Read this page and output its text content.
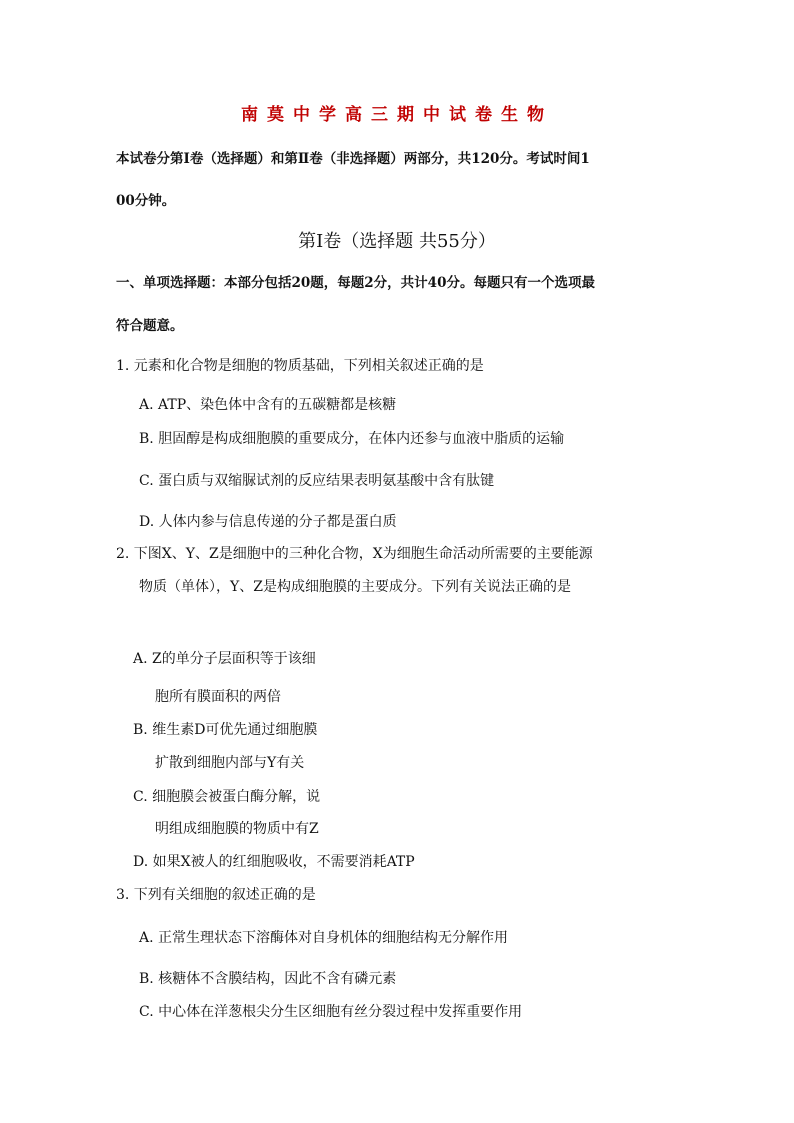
南莫中学高三期中试卷生物
本试卷分第Ⅰ卷（选择题）和第Ⅱ卷（非选择题）两部分，共120分。考试时间1
00分钟。
第Ⅰ卷（选择题 共55分）
一、单项选择题：本部分包括20题，每题2分，共计40分。每题只有一个选项最
符合题意。
1. 元素和化合物是细胞的物质基础，下列相关叙述正确的是
A. ATP、染色体中含有的五碳糖都是核糖
B. 胆固醇是构成细胞膜的重要成分，在体内还参与血液中脂质的运输
C. 蛋白质与双缩脲试剂的反应结果表明氨基酸中含有肽键
D. 人体内参与信息传递的分子都是蛋白质
2. 下图X、Y、Z是细胞中的三种化合物，X为细胞生命活动所需要的主要能源
物质（单体），Y、Z是构成细胞膜的主要成分。下列有关说法正确的是
A. Z的单分子层面积等于该细
胞所有膜面积的两倍
B. 维生素D可优先通过细胞膜
扩散到细胞内部与Y有关
C. 细胞膜会被蛋白酶分解，说
明组成细胞膜的物质中有Z
D. 如果X被人的红细胞吸收，不需要消耗ATP
3. 下列有关细胞的叙述正确的是
A. 正常生理状态下溶酶体对自身机体的细胞结构无分解作用
B. 核糖体不含膜结构，因此不含有磷元素
C. 中心体在洋葱根尖分生区细胞有丝分裂过程中发挥重要作用
